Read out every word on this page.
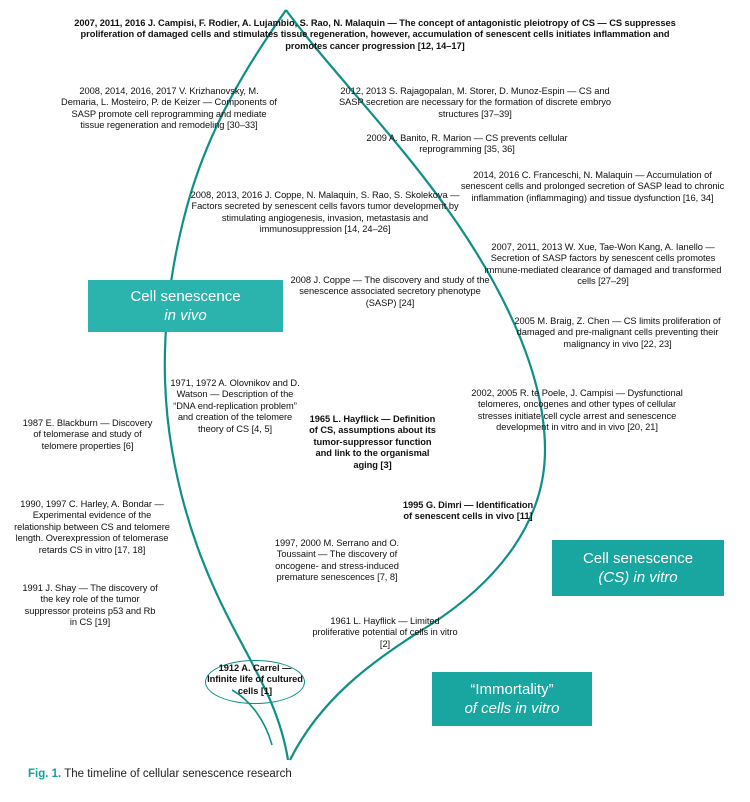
2007, 2011, 2016 J. Campisi, F. Rodier, A. Lujambio, S. Rao, N. Malaquin — The concept of antagonistic pleiotropy of CS — CS suppresses proliferation of damaged cells and stimulates tissue regeneration, however, accumulation of senescent cells initiates inflammation and promotes cancer progression [12, 14–17]
2008, 2014, 2016, 2017 V. Krizhanovsky, M. Demaria, L. Mosteiro, P. de Keizer — Components of SASP promote cell reprogramming and mediate tissue regeneration and remodeling [30–33]
2012, 2013 S. Rajagopalan, M. Storer, D. Munoz-Espin — CS and SASP secretion are necessary for the formation of discrete embryo structures [37–39]
2009 A. Banito, R. Marion — CS prevents cellular reprogramming [35, 36]
2008, 2013, 2016 J. Coppe, N. Malaquin, S. Rao, S. Skolekova — Factors secreted by senescent cells favors tumor development by stimulating angiogenesis, invasion, metastasis and immunosuppression [14, 24–26]
2014, 2016 C. Franceschi, N. Malaquin — Accumulation of senescent cells and prolonged secretion of SASP lead to chronic inflammation (inflammaging) and tissue dysfunction [16, 34]
2007, 2011, 2013 W. Xue, Tae-Won Kang, A. Ianello — Secretion of SASP factors by senescent cells promotes immune-mediated clearance of damaged and transformed cells [27–29]
2008 J. Coppe — The discovery and study of the senescence associated secretory phenotype (SASP) [24]
2005 M. Braig, Z. Chen — CS limits proliferation of damaged and pre-malignant cells preventing their malignancy in vivo [22, 23]
1971, 1972 A. Olovnikov and D. Watson — Description of the “DNA end-replication problem” and creation of the telomere theory of CS [4, 5]
2002, 2005 R. te Poele, J. Campisi — Dysfunctional telomeres, oncogenes and other types of cellular stresses initiate cell cycle arrest and senescence development in vitro and in vivo [20, 21]
1965 L. Hayflick — Definition of CS, assumptions about its tumor-suppressor function and link to the organismal aging [3]
1987 E. Blackburn — Discovery of telomerase and study of telomere properties [6]
1990, 1997 C. Harley, A. Bondar — Experimental evidence of the relationship between CS and telomere length. Overexpression of telomerase retards CS in vitro [17, 18]
1995 G. Dimri — Identification of senescent cells in vivo [11]
1997, 2000 M. Serrano and O. Toussaint — The discovery of oncogene- and stress-induced premature senescences [7, 8]
1991 J. Shay — The discovery of the key role of the tumor suppressor proteins p53 and Rb in CS [19]	1961 L. Hayflick — Limited proliferative potential of cells in vitro [2]
1912 A. Carrel — Infinite life of cultured cells [1]
Cell senescence
in vivo
Cell senescence
(CS) in vitro
“Immortality”
of cells in vitro
Fig. 1. The timeline of cellular senescence research
